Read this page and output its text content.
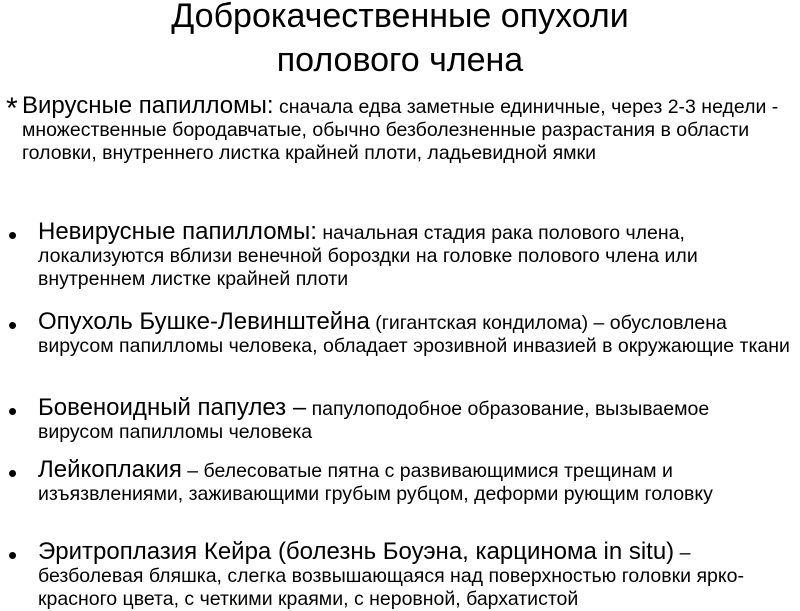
Доброкачественные опухоли
полового члена
* Вирусные папилломы: сначала едва заметные единичные, через 2-3 недели - множественные бородавчатые, обычно безболезненные разрастания в области головки, внутреннего листка крайней плоти, ладьевидной ямки
• Невирусные папилломы: начальная стадия рака полового члена, локализуются вблизи венечной бороздки на головке полового члена или внутреннем листке крайней плоти
• Опухоль Бушке-Левинштейна (гигантская кондилома) – обусловлена вирусом папилломы человека, обладает эрозивной инвазией в окружающие ткани
• Бовеноидный папулез – папулоподобное образование, вызываемое вирусом папилломы человека
• Лейкоплакия – белесоватые пятна с развивающимися трещинам и изъязвлениями, заживающими грубым рубцом, деформи рующим головку
• Эритроплазия Кейра (болезнь Боуэна, карцинома in situ) – безболевая бляшка, слегка возвышающаяся над поверхностью головки ярко-красного цвета, с четкими краями, с неровной, бархатистой
